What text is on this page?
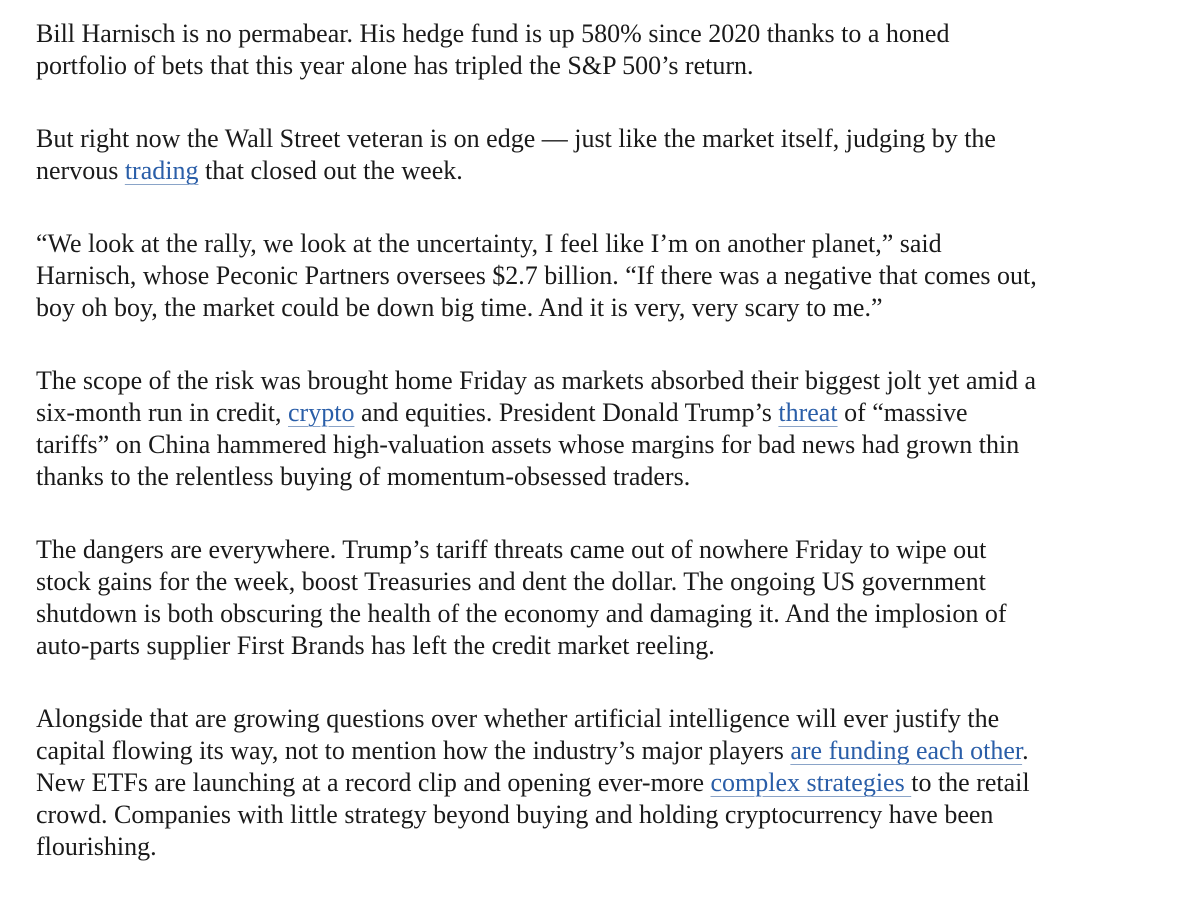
Bill Harnisch is no permabear. His hedge fund is up 580% since 2020 thanks to a honed
portfolio of bets that this year alone has tripled the S&P 500’s return.

But right now the Wall Street veteran is on edge — just like the market itself, judging by the
nervous trading that closed out the week.

“We look at the rally, we look at the uncertainty, I feel like I’m on another planet,” said
Harnisch, whose Peconic Partners oversees $2.7 billion. “If there was a negative that comes out,
boy oh boy, the market could be down big time. And it is very, very scary to me.”

The scope of the risk was brought home Friday as markets absorbed their biggest jolt yet amid a
six-month run in credit, crypto and equities. President Donald Trump’s threat of “massive
tariffs” on China hammered high-valuation assets whose margins for bad news had grown thin
thanks to the relentless buying of momentum-obsessed traders.

The dangers are everywhere. Trump’s tariff threats came out of nowhere Friday to wipe out
stock gains for the week, boost Treasuries and dent the dollar. The ongoing US government
shutdown is both obscuring the health of the economy and damaging it. And the implosion of
auto-parts supplier First Brands has left the credit market reeling.

Alongside that are growing questions over whether artificial intelligence will ever justify the
capital flowing its way, not to mention how the industry’s major players are funding each other.
New ETFs are launching at a record clip and opening ever-more complex strategies to the retail
crowd. Companies with little strategy beyond buying and holding cryptocurrency have been
flourishing.
